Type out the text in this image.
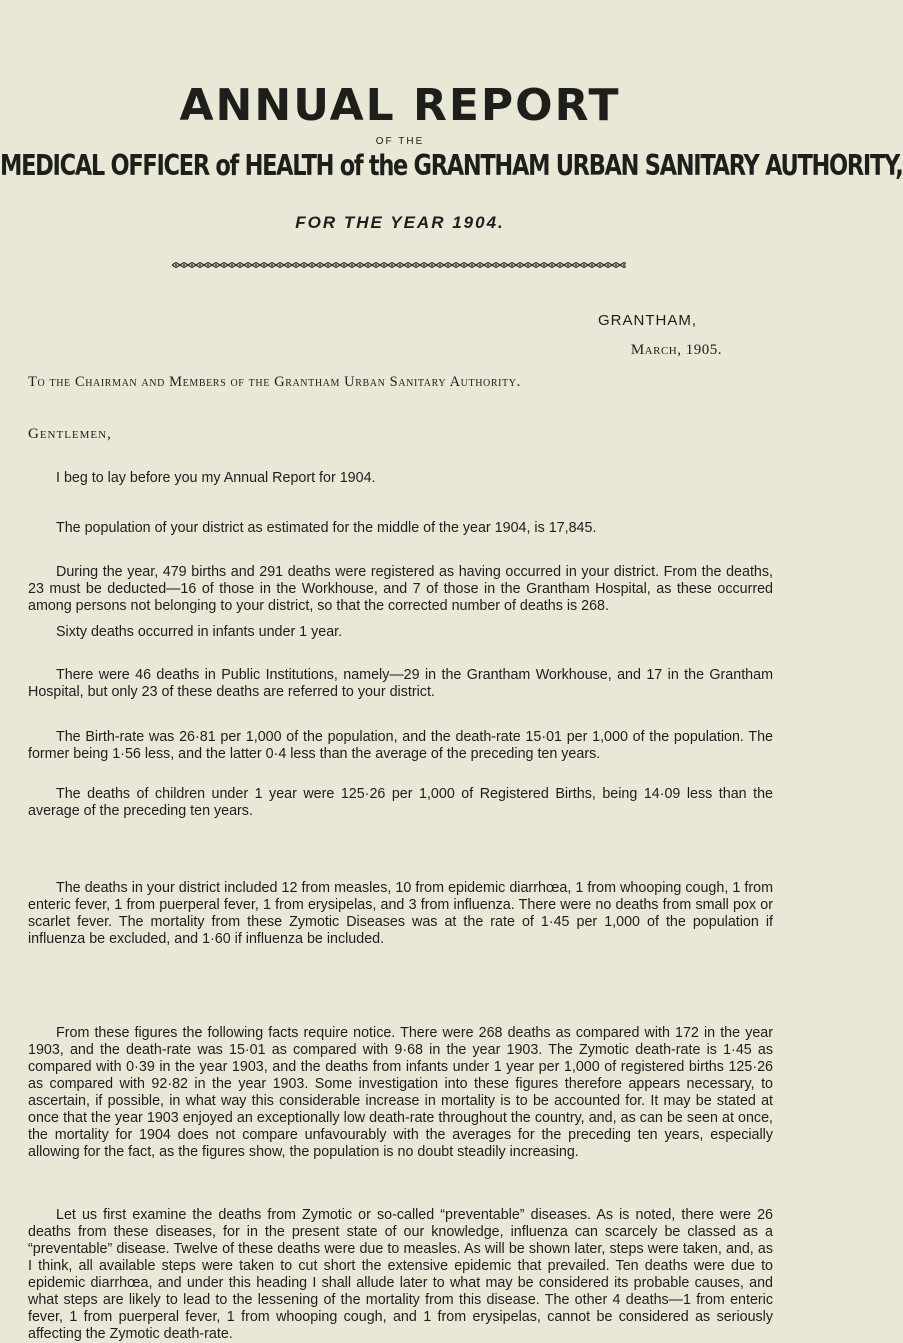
ANNUAL REPORT
OF THE
MEDICAL OFFICER of HEALTH of the GRANTHAM URBAN SANITARY AUTHORITY,
FOR THE YEAR 1904.
GRANTHAM,
March, 1905.
To the Chairman and Members of the Grantham Urban Sanitary Authority.
Gentlemen,

I beg to lay before you my Annual Report for 1904.

The population of your district as estimated for the middle of the year 1904, is 17,845.

During the year, 479 births and 291 deaths were registered as having occurred in your district. From the deaths, 23 must be deducted—16 of those in the Workhouse, and 7 of those in the Grantham Hospital, as these occurred among persons not belonging to your district, so that the corrected number of deaths is 268.

Sixty deaths occurred in infants under 1 year.

There were 46 deaths in Public Institutions, namely—29 in the Grantham Workhouse, and 17 in the Grantham Hospital, but only 23 of these deaths are referred to your district.

The Birth-rate was 26·81 per 1,000 of the population, and the death-rate 15·01 per 1,000 of the population. The former being 1·56 less, and the latter 0·4 less than the average of the preceding ten years.

The deaths of children under 1 year were 125·26 per 1,000 of Registered Births, being 14·09 less than the average of the preceding ten years.

The deaths in your district included 12 from measles, 10 from epidemic diarrhœa, 1 from whooping cough, 1 from enteric fever, 1 from puerperal fever, 1 from erysipelas, and 3 from influenza. There were no deaths from small pox or scarlet fever. The mortality from these Zymotic Diseases was at the rate of 1·45 per 1,000 of the population if influenza be excluded, and 1·60 if influenza be included.

From these figures the following facts require notice. There were 268 deaths as compared with 172 in the year 1903, and the death-rate was 15·01 as compared with 9·68 in the year 1903. The Zymotic death-rate is 1·45 as compared with 0·39 in the year 1903, and the deaths from infants under 1 year per 1,000 of registered births 125·26 as compared with 92·82 in the year 1903. Some investigation into these figures therefore appears necessary, to ascertain, if possible, in what way this considerable increase in mortality is to be accounted for. It may be stated at once that the year 1903 enjoyed an exceptionally low death-rate throughout the country, and, as can be seen at once, the mortality for 1904 does not compare unfavourably with the averages for the preceding ten years, especially allowing for the fact, as the figures show, the population is no doubt steadily increasing.

Let us first examine the deaths from Zymotic or so-called “preventable” diseases. As is noted, there were 26 deaths from these diseases, for in the present state of our knowledge, influenza can scarcely be classed as a “preventable” disease. Twelve of these deaths were due to measles. As will be shown later, steps were taken, and, as I think, all available steps were taken to cut short the extensive epidemic that prevailed. Ten deaths were due to epidemic diarrhœa, and under this heading I shall allude later to what may be considered its probable causes, and what steps are likely to lead to the lessening of the mortality from this disease. The other 4 deaths—1 from enteric fever, 1 from puerperal fever, 1 from whooping cough, and 1 from erysipelas, cannot be considered as seriously affecting the Zymotic death-rate.
